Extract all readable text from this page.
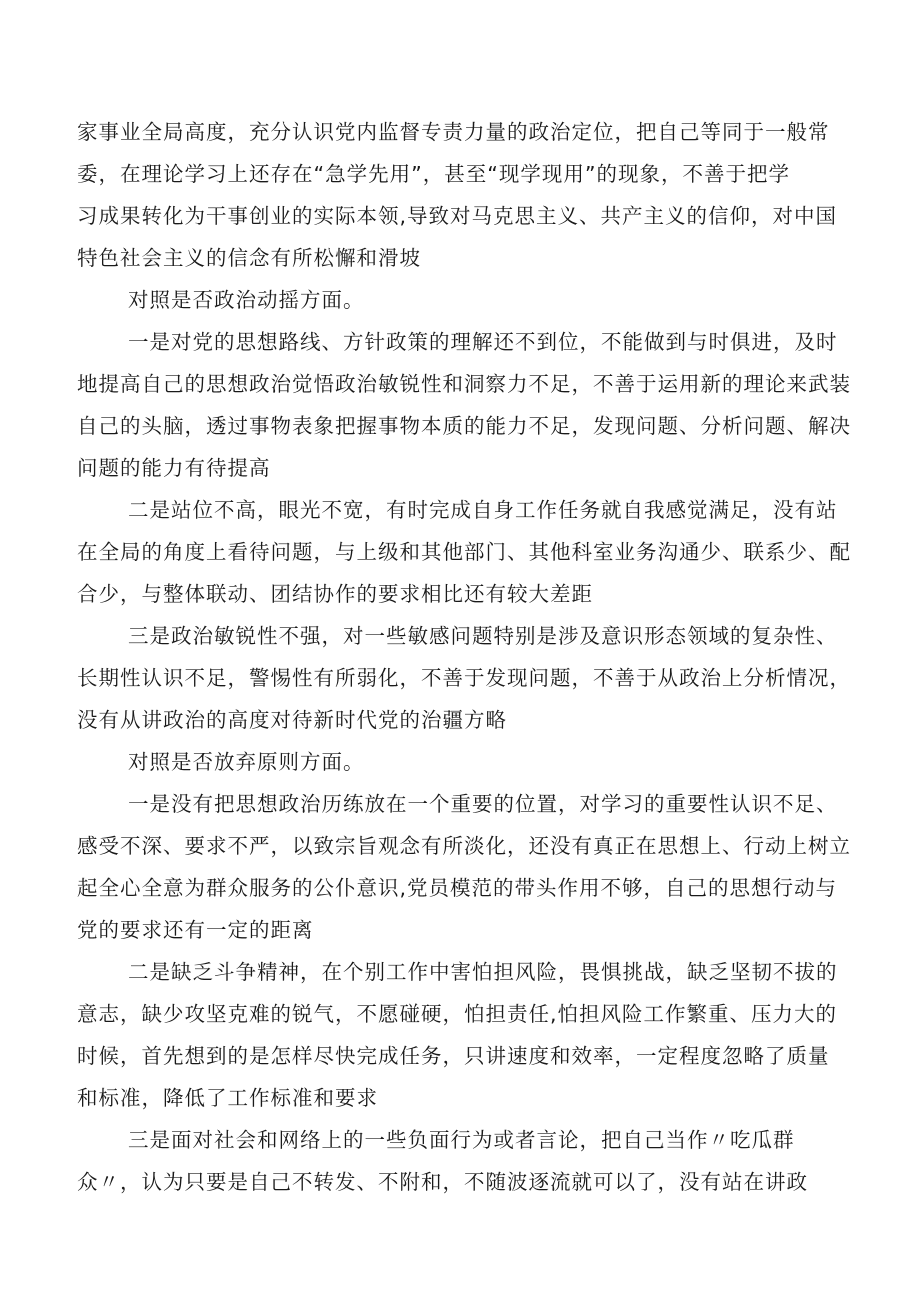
家事业全局高度，充分认识党内监督专责力量的政治定位，把自己等同于一般常
委，在理论学习上还存在“急学先用”，甚至“现学现用”的现象，不善于把学
习成果转化为干事创业的实际本领,导致对马克思主义、共产主义的信仰，对中国
特色社会主义的信念有所松懈和滑坡
对照是否政治动摇方面。
一是对党的思想路线、方针政策的理解还不到位，不能做到与时俱进，及时
地提高自己的思想政治觉悟政治敏锐性和洞察力不足，不善于运用新的理论来武装
自己的头脑，透过事物表象把握事物本质的能力不足，发现问题、分析问题、解决
问题的能力有待提高
二是站位不高，眼光不宽，有时完成自身工作任务就自我感觉满足，没有站
在全局的角度上看待问题，与上级和其他部门、其他科室业务沟通少、联系少、配
合少，与整体联动、团结协作的要求相比还有较大差距
三是政治敏锐性不强，对一些敏感问题特别是涉及意识形态领域的复杂性、
长期性认识不足，警惕性有所弱化，不善于发现问题，不善于从政治上分析情况，
没有从讲政治的高度对待新时代党的治疆方略
对照是否放弃原则方面。
一是没有把思想政治历练放在一个重要的位置，对学习的重要性认识不足、
感受不深、要求不严，以致宗旨观念有所淡化，还没有真正在思想上、行动上树立
起全心全意为群众服务的公仆意识,党员模范的带头作用不够，自己的思想行动与
党的要求还有一定的距离
二是缺乏斗争精神，在个别工作中害怕担风险，畏惧挑战，缺乏坚韧不拔的
意志，缺少攻坚克难的锐气，不愿碰硬，怕担责任,怕担风险工作繁重、压力大的
时候，首先想到的是怎样尽快完成任务，只讲速度和效率，一定程度忽略了质量
和标准，降低了工作标准和要求
三是面对社会和网络上的一些负面行为或者言论，把自己当作〃吃瓜群
众〃，认为只要是自己不转发、不附和，不随波逐流就可以了，没有站在讲政
